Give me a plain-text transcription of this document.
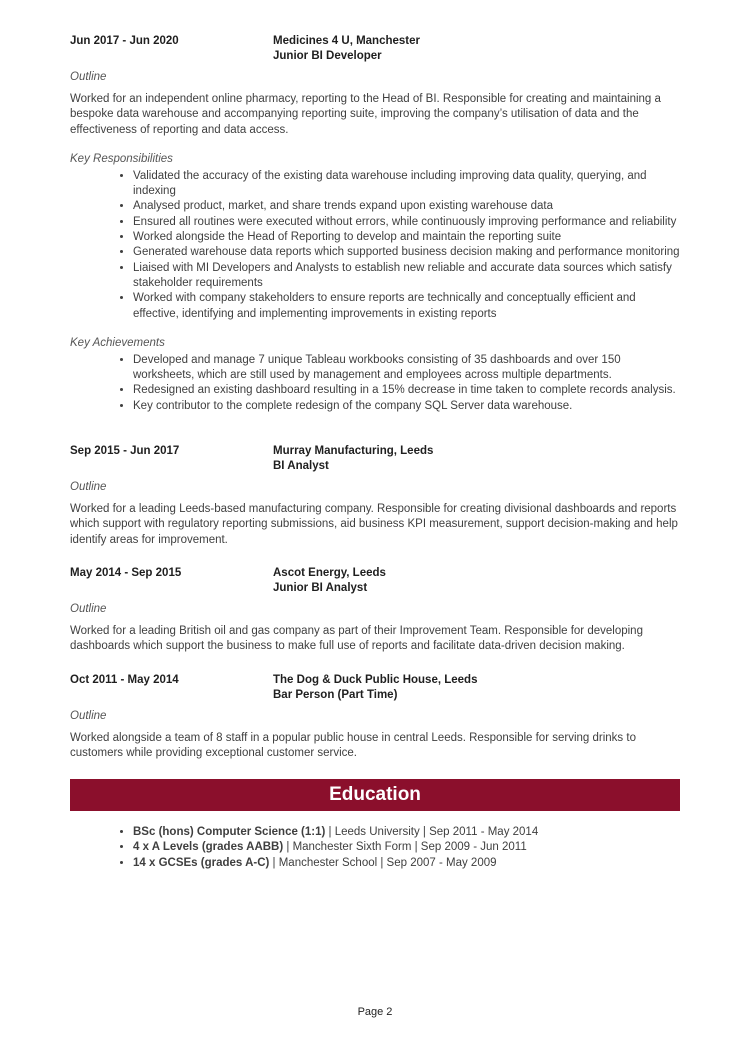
Jun 2017 - Jun 2020	Medicines 4 U, Manchester
Junior BI Developer
Outline
Worked for an independent online pharmacy, reporting to the Head of BI. Responsible for creating and maintaining a bespoke data warehouse and accompanying reporting suite, improving the company’s utilisation of data and the effectiveness of reporting and data access.
Key Responsibilities
• Validated the accuracy of the existing data warehouse including improving data quality, querying, and indexing
• Analysed product, market, and share trends expand upon existing warehouse data
• Ensured all routines were executed without errors, while continuously improving performance and reliability
• Worked alongside the Head of Reporting to develop and maintain the reporting suite
• Generated warehouse data reports which supported business decision making and performance monitoring
• Liaised with MI Developers and Analysts to establish new reliable and accurate data sources which satisfy stakeholder requirements
• Worked with company stakeholders to ensure reports are technically and conceptually efficient and effective, identifying and implementing improvements in existing reports
Key Achievements
• Developed and manage 7 unique Tableau workbooks consisting of 35 dashboards and over 150 worksheets, which are still used by management and employees across multiple departments.
• Redesigned an existing dashboard resulting in a 15% decrease in time taken to complete records analysis.
• Key contributor to the complete redesign of the company SQL Server data warehouse.
Sep 2015 - Jun 2017	Murray Manufacturing, Leeds
BI Analyst
Outline
Worked for a leading Leeds-based manufacturing company. Responsible for creating divisional dashboards and reports which support with regulatory reporting submissions, aid business KPI measurement, support decision-making and help identify areas for improvement.
May 2014 - Sep 2015	Ascot Energy, Leeds
Junior BI Analyst
Outline
Worked for a leading British oil and gas company as part of their Improvement Team. Responsible for developing dashboards which support the business to make full use of reports and facilitate data-driven decision making.
Oct 2011 - May 2014	The Dog & Duck Public House, Leeds
Bar Person (Part Time)
Outline
Worked alongside a team of 8 staff in a popular public house in central Leeds. Responsible for serving drinks to customers while providing exceptional customer service.
Education
• BSc (hons) Computer Science (1:1) | Leeds University | Sep 2011 - May 2014
• 4 x A Levels (grades AABB) | Manchester Sixth Form | Sep 2009 - Jun 2011
• 14 x GCSEs (grades A-C) | Manchester School | Sep 2007 - May 2009
Page 2
